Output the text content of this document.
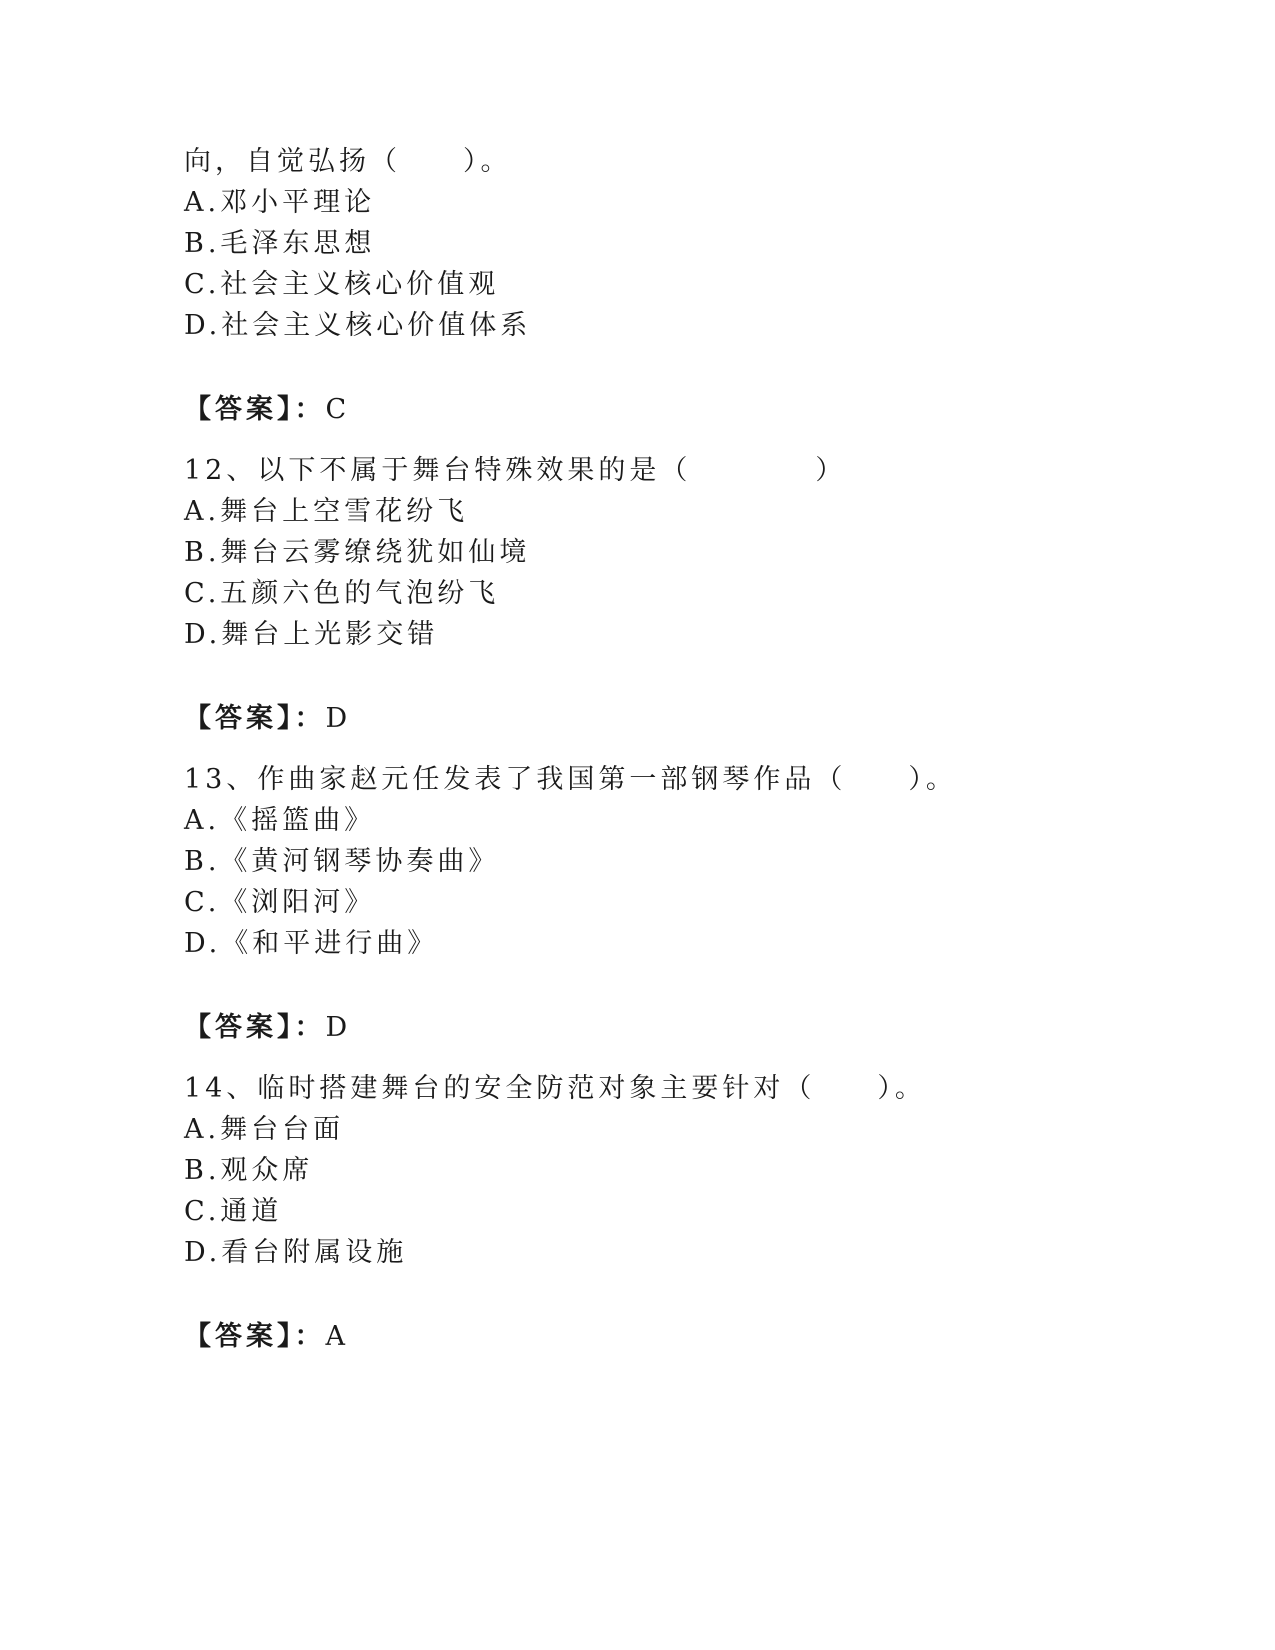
向，自觉弘扬（　　）。
A.邓小平理论
B.毛泽东思想
C.社会主义核心价值观
D.社会主义核心价值体系
【答案】：C
12、以下不属于舞台特殊效果的是（　　　　）
A.舞台上空雪花纷飞
B.舞台云雾缭绕犹如仙境
C.五颜六色的气泡纷飞
D.舞台上光影交错
【答案】：D
13、作曲家赵元任发表了我国第一部钢琴作品（　　）。
A.《摇篮曲》
B.《黄河钢琴协奏曲》
C.《浏阳河》
D.《和平进行曲》
【答案】：D
14、临时搭建舞台的安全防范对象主要针对（　　）。
A.舞台台面
B.观众席
C.通道
D.看台附属设施
【答案】：A
